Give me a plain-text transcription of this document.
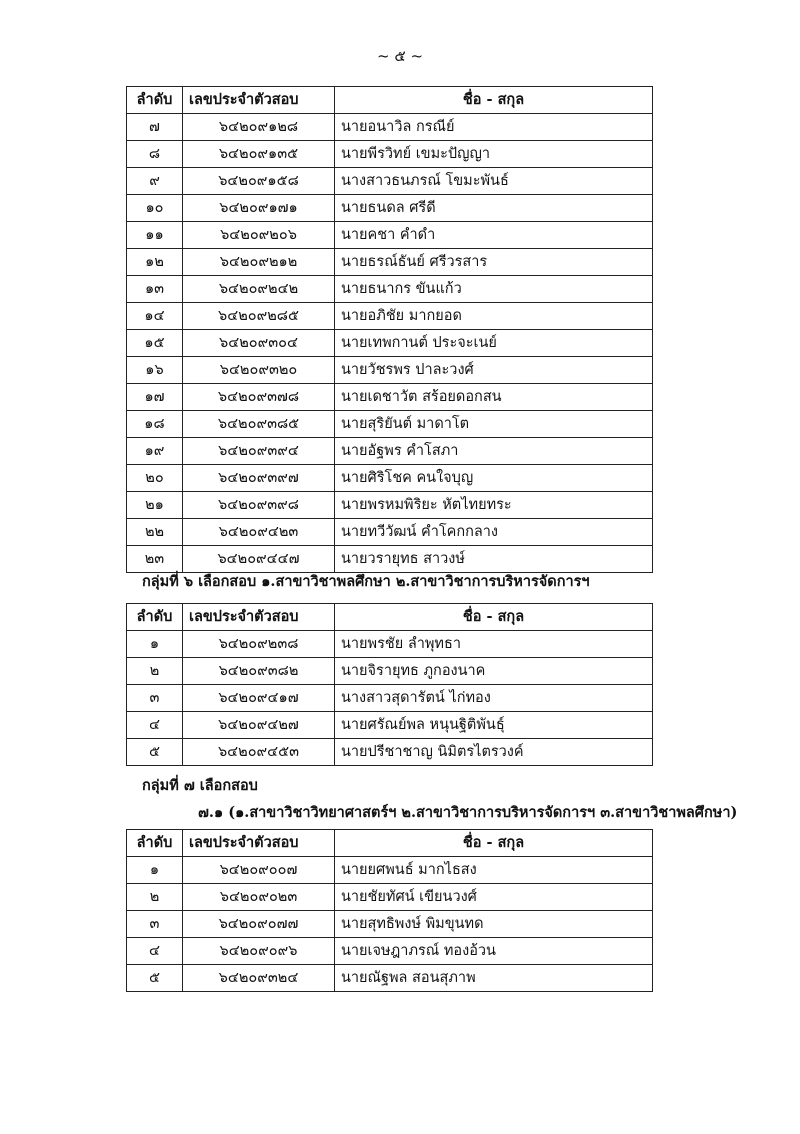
~ ๕ ~
ลำดับ	เลขประจำตัวสอบ	ชื่อ - สกุล
๗	๖๔๒๐๙๑๒๘	นายอนาวิล กรณีย์
๘	๖๔๒๐๙๑๓๕	นายพีรวิทย์ เขมะปัญญา
๙	๖๔๒๐๙๑๕๘	นางสาวธนภรณ์ โขมะพันธ์
๑๐	๖๔๒๐๙๑๗๑	นายธนดล ศรีดี
๑๑	๖๔๒๐๙๒๐๖	นายคชา คำดำ
๑๒	๖๔๒๐๙๒๑๒	นายธรณ์ธันย์ ศรีวรสาร
๑๓	๖๔๒๐๙๒๔๒	นายธนากร ขันแก้ว
๑๔	๖๔๒๐๙๒๘๕	นายอภิชัย มากยอด
๑๕	๖๔๒๐๙๓๐๔	นายเทพกานต์ ประจะเนย์
๑๖	๖๔๒๐๙๓๒๐	นายวัชรพร ปาละวงศ์
๑๗	๖๔๒๐๙๓๗๘	นายเดชาวัต สร้อยดอกสน
๑๘	๖๔๒๐๙๓๘๕	นายสุริยันต์ มาดาโต
๑๙	๖๔๒๐๙๓๙๔	นายอัฐพร คำโสภา
๒๐	๖๔๒๐๙๓๙๗	นายศิริโชค คนใจบุญ
๒๑	๖๔๒๐๙๓๙๘	นายพรหมพิริยะ หัตไทยทระ
๒๒	๖๔๒๐๙๔๒๓	นายทวีวัฒน์ คำโคกกลาง
๒๓	๖๔๒๐๙๔๔๗	นายวรายุทธ สาวงษ์
กลุ่มที่ ๖ เลือกสอบ ๑.สาขาวิชาพลศึกษา ๒.สาขาวิชาการบริหารจัดการฯ
ลำดับ	เลขประจำตัวสอบ	ชื่อ - สกุล
๑	๖๔๒๐๙๒๓๘	นายพรชัย ลำพุทธา
๒	๖๔๒๐๙๓๘๒	นายจิรายุทธ ภูกองนาค
๓	๖๔๒๐๙๔๑๗	นางสาวสุดารัตน์ ไก่ทอง
๔	๖๔๒๐๙๔๒๗	นายศรัณย์พล หนุนฐิติพันธุ์
๕	๖๔๒๐๙๔๕๓	นายปรีชาชาญ นิมิตรไตรวงค์
กลุ่มที่ ๗ เลือกสอบ
๗.๑ (๑.สาขาวิชาวิทยาศาสตร์ฯ ๒.สาขาวิชาการบริหารจัดการฯ ๓.สาขาวิชาพลศึกษา)
ลำดับ	เลขประจำตัวสอบ	ชื่อ - สกุล
๑	๖๔๒๐๙๐๐๗	นายยศพนธ์ มากไธสง
๒	๖๔๒๐๙๐๒๓	นายชัยทัศน์ เขียนวงศ์
๓	๖๔๒๐๙๐๗๗	นายสุทธิพงษ์ พิมขุนทด
๔	๖๔๒๐๙๐๙๖	นายเจษฎาภรณ์ ทองอ้วน
๕	๖๔๒๐๙๓๒๔	นายณัฐพล สอนสุภาพ
